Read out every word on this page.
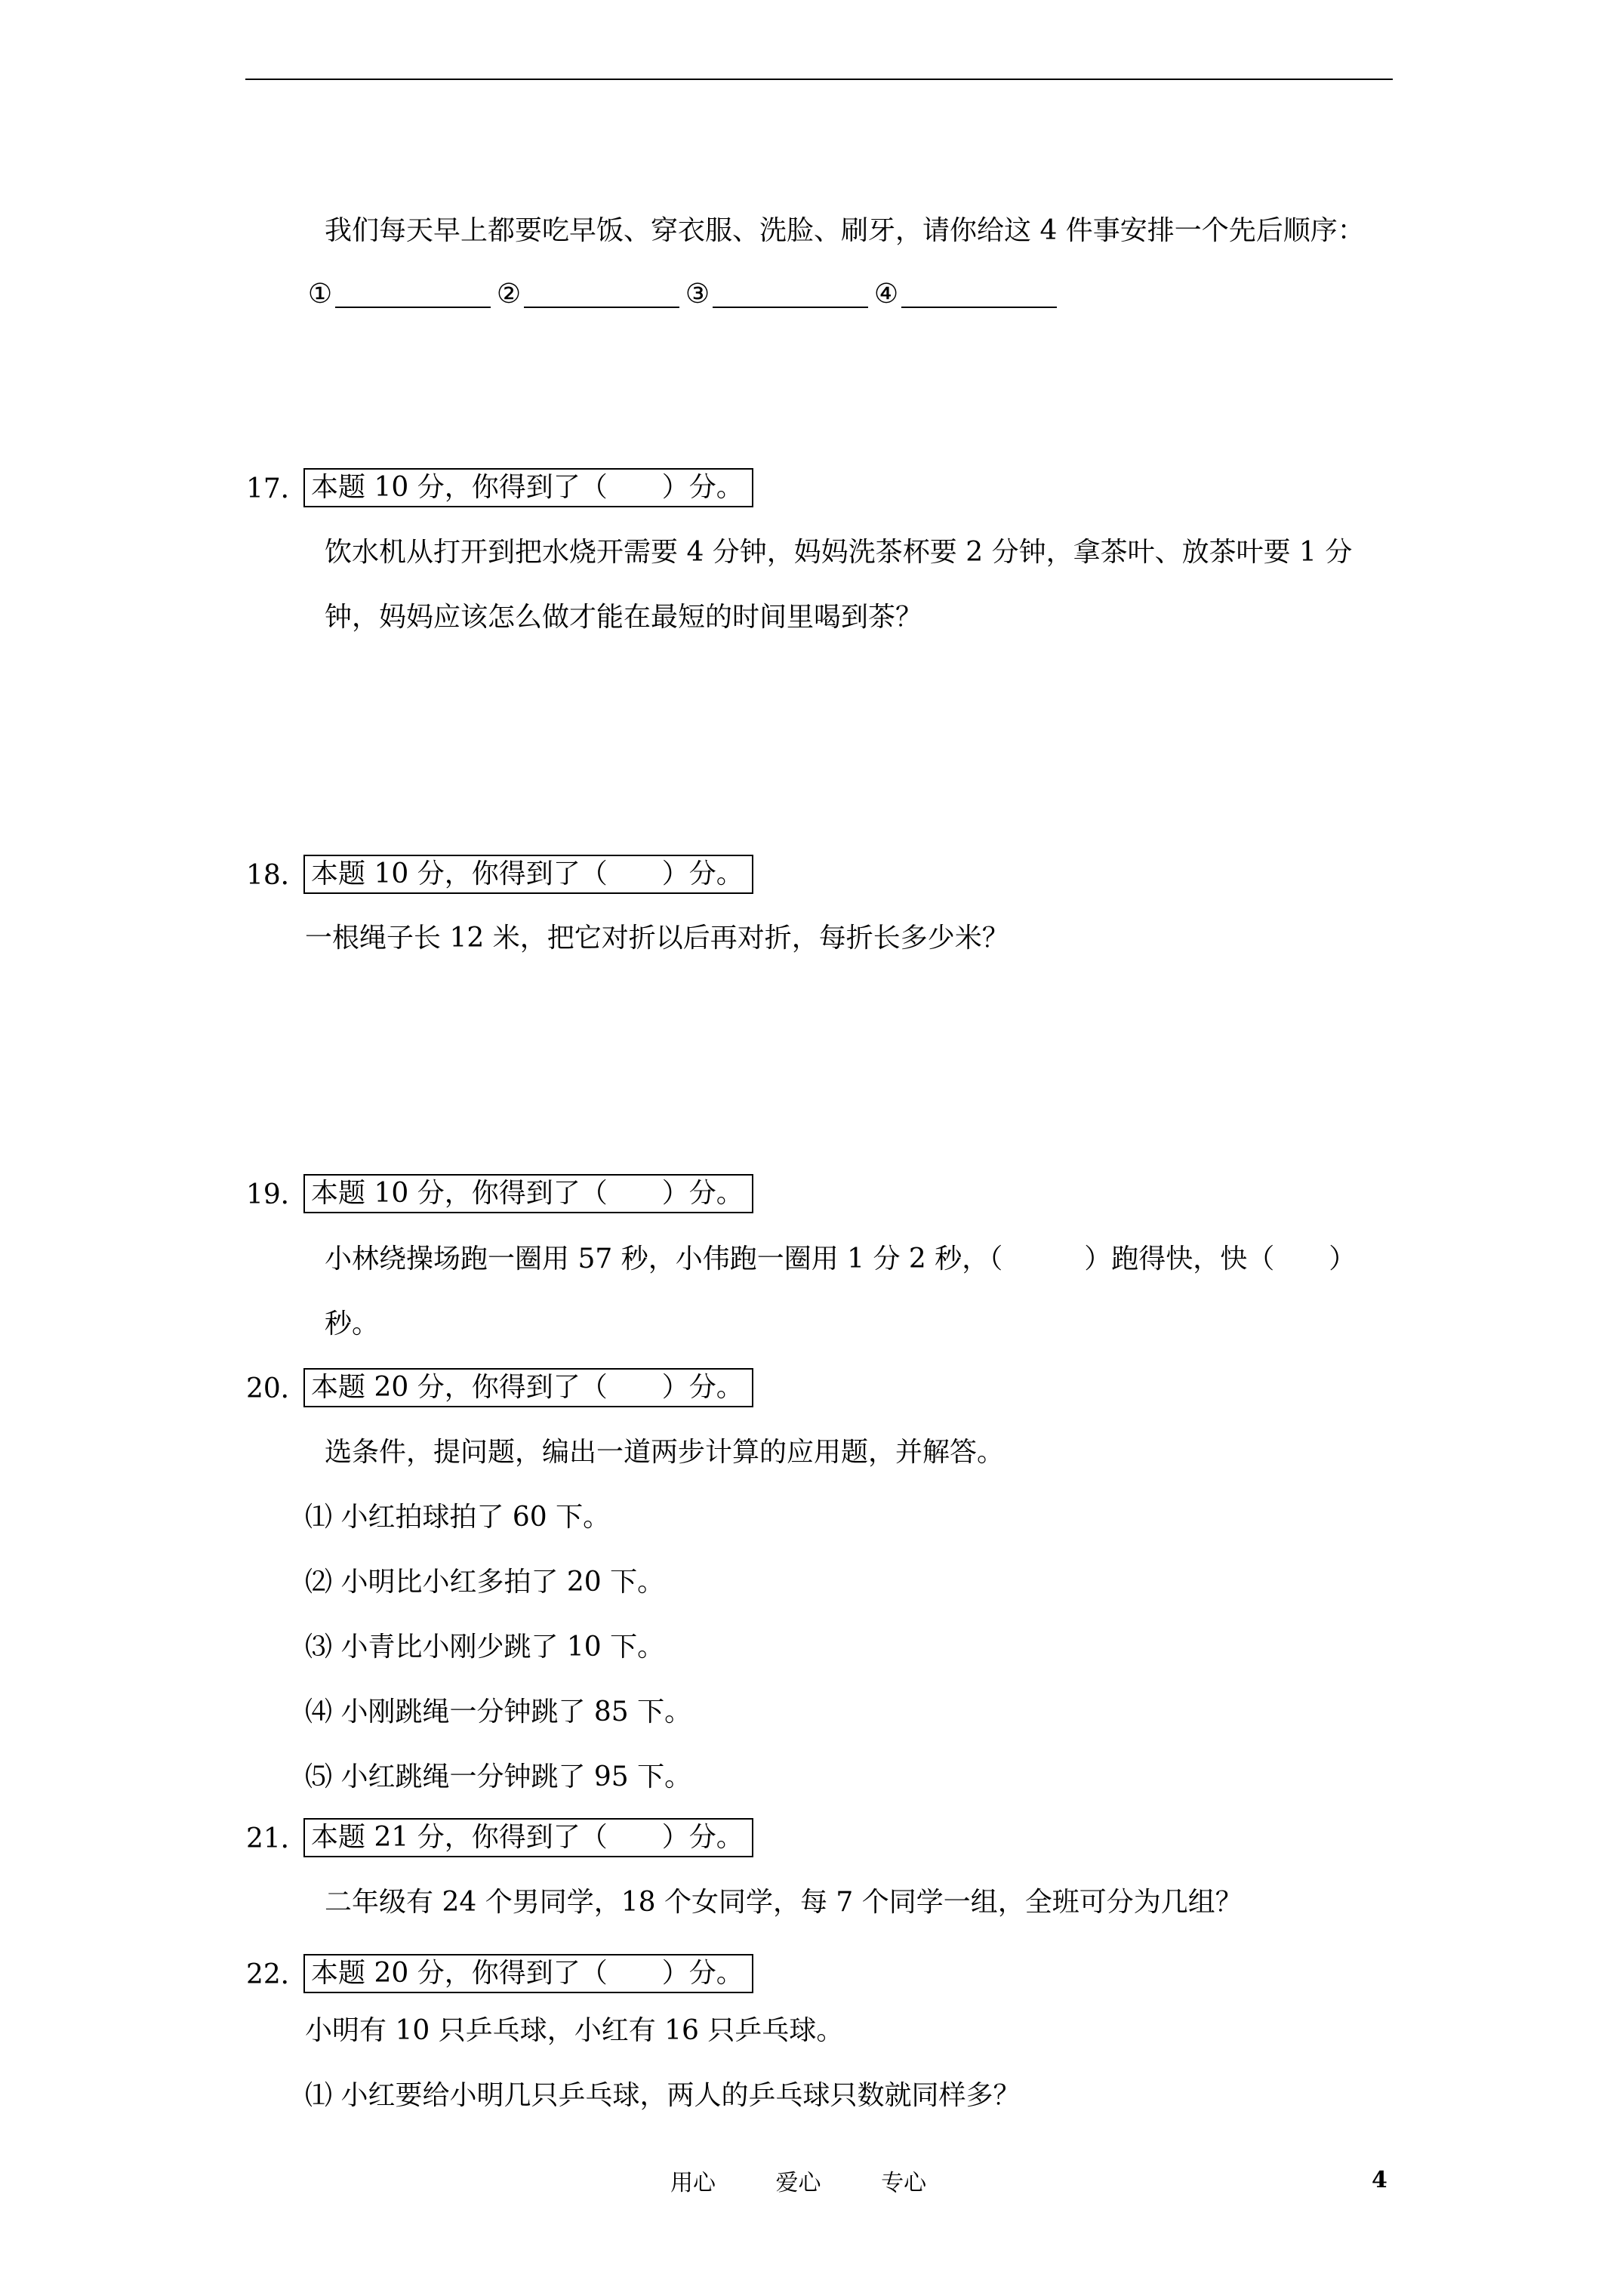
我们每天早上都要吃早饭、穿衣服、洗脸、刷牙，请你给这 4 件事安排一个先后顺序：
①	②	③	④
17． 本题 10 分，你得到了（　　）分。
饮水机从打开到把水烧开需要 4 分钟，妈妈洗茶杯要 2 分钟，拿茶叶、放茶叶要 1 分
钟，妈妈应该怎么做才能在最短的时间里喝到茶？
18． 本题 10 分，你得到了（　　）分。
一根绳子长 12 米，把它对折以后再对折，每折长多少米？
19． 本题 10 分，你得到了（　　）分。
小林绕操场跑一圈用 57 秒，小伟跑一圈用 1 分 2 秒，（　　　）跑得快，快（　　）
秒。
20． 本题 20 分，你得到了（　　）分。
选条件，提问题，编出一道两步计算的应用题，并解答。
⑴ 小红拍球拍了 60 下。
⑵ 小明比小红多拍了 20 下。
⑶ 小青比小刚少跳了 10 下。
⑷ 小刚跳绳一分钟跳了 85 下。
⑸ 小红跳绳一分钟跳了 95 下。
21． 本题 21 分，你得到了（　　）分。
二年级有 24 个男同学，18 个女同学，每 7 个同学一组，全班可分为几组？
22． 本题 20 分，你得到了（　　）分。
小明有 10 只乒乓球，小红有 16 只乒乓球。
⑴ 小红要给小明几只乒乓球，两人的乒乓球只数就同样多？
用心	爱心	专心	4
